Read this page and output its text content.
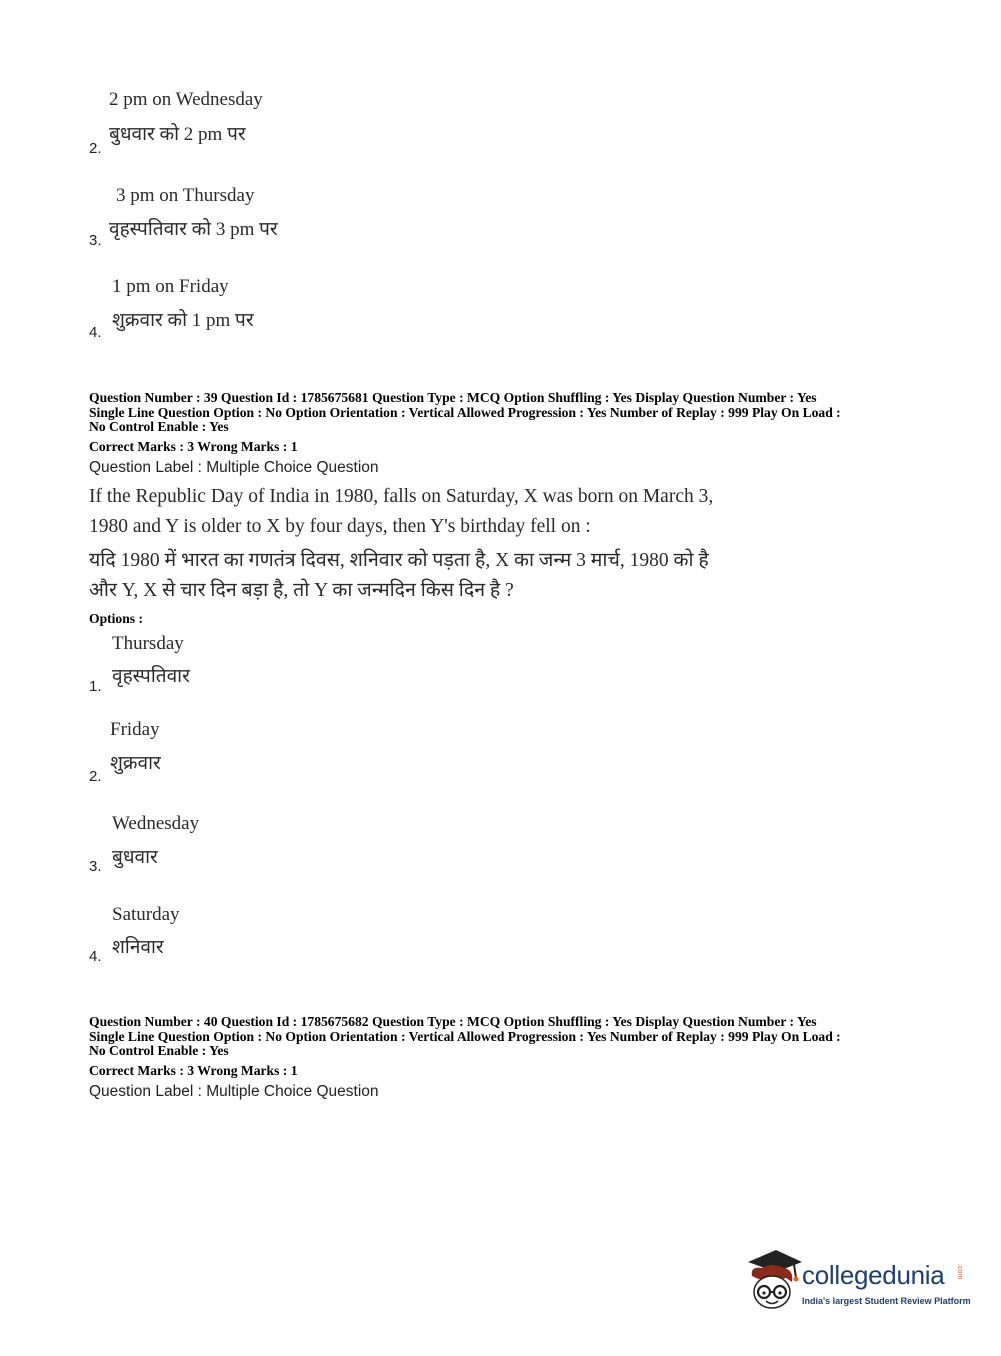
2 pm on Wednesday
बुधवार को 2 pm पर
2.
3 pm on Thursday
वृहस्पतिवार को 3 pm पर
3.
1 pm on Friday
शुक्रवार को 1 pm पर
4.
Question Number : 39 Question Id : 1785675681 Question Type : MCQ Option Shuffling : Yes Display Question Number : Yes
Single Line Question Option : No Option Orientation : Vertical Allowed Progression : Yes Number of Replay : 999 Play On Load :
No Control Enable : Yes
Correct Marks : 3 Wrong Marks : 1
Question Label : Multiple Choice Question
If the Republic Day of India in 1980, falls on Saturday, X was born on March 3,
1980 and Y is older to X by four days, then Y's birthday fell on :
यदि 1980 में भारत का गणतंत्र दिवस, शनिवार को पड़ता है, X का जन्म 3 मार्च, 1980 को है
और Y, X से चार दिन बड़ा है, तो Y का जन्मदिन किस दिन है ?
Options :
Thursday
वृहस्पतिवार
1.
Friday
शुक्रवार
2.
Wednesday
बुधवार
3.
Saturday
शनिवार
4.
Question Number : 40 Question Id : 1785675682 Question Type : MCQ Option Shuffling : Yes Display Question Number : Yes
Single Line Question Option : No Option Orientation : Vertical Allowed Progression : Yes Number of Replay : 999 Play On Load :
No Control Enable : Yes
Correct Marks : 3 Wrong Marks : 1
Question Label : Multiple Choice Question
collegedunia .com
India's largest Student Review Platform
